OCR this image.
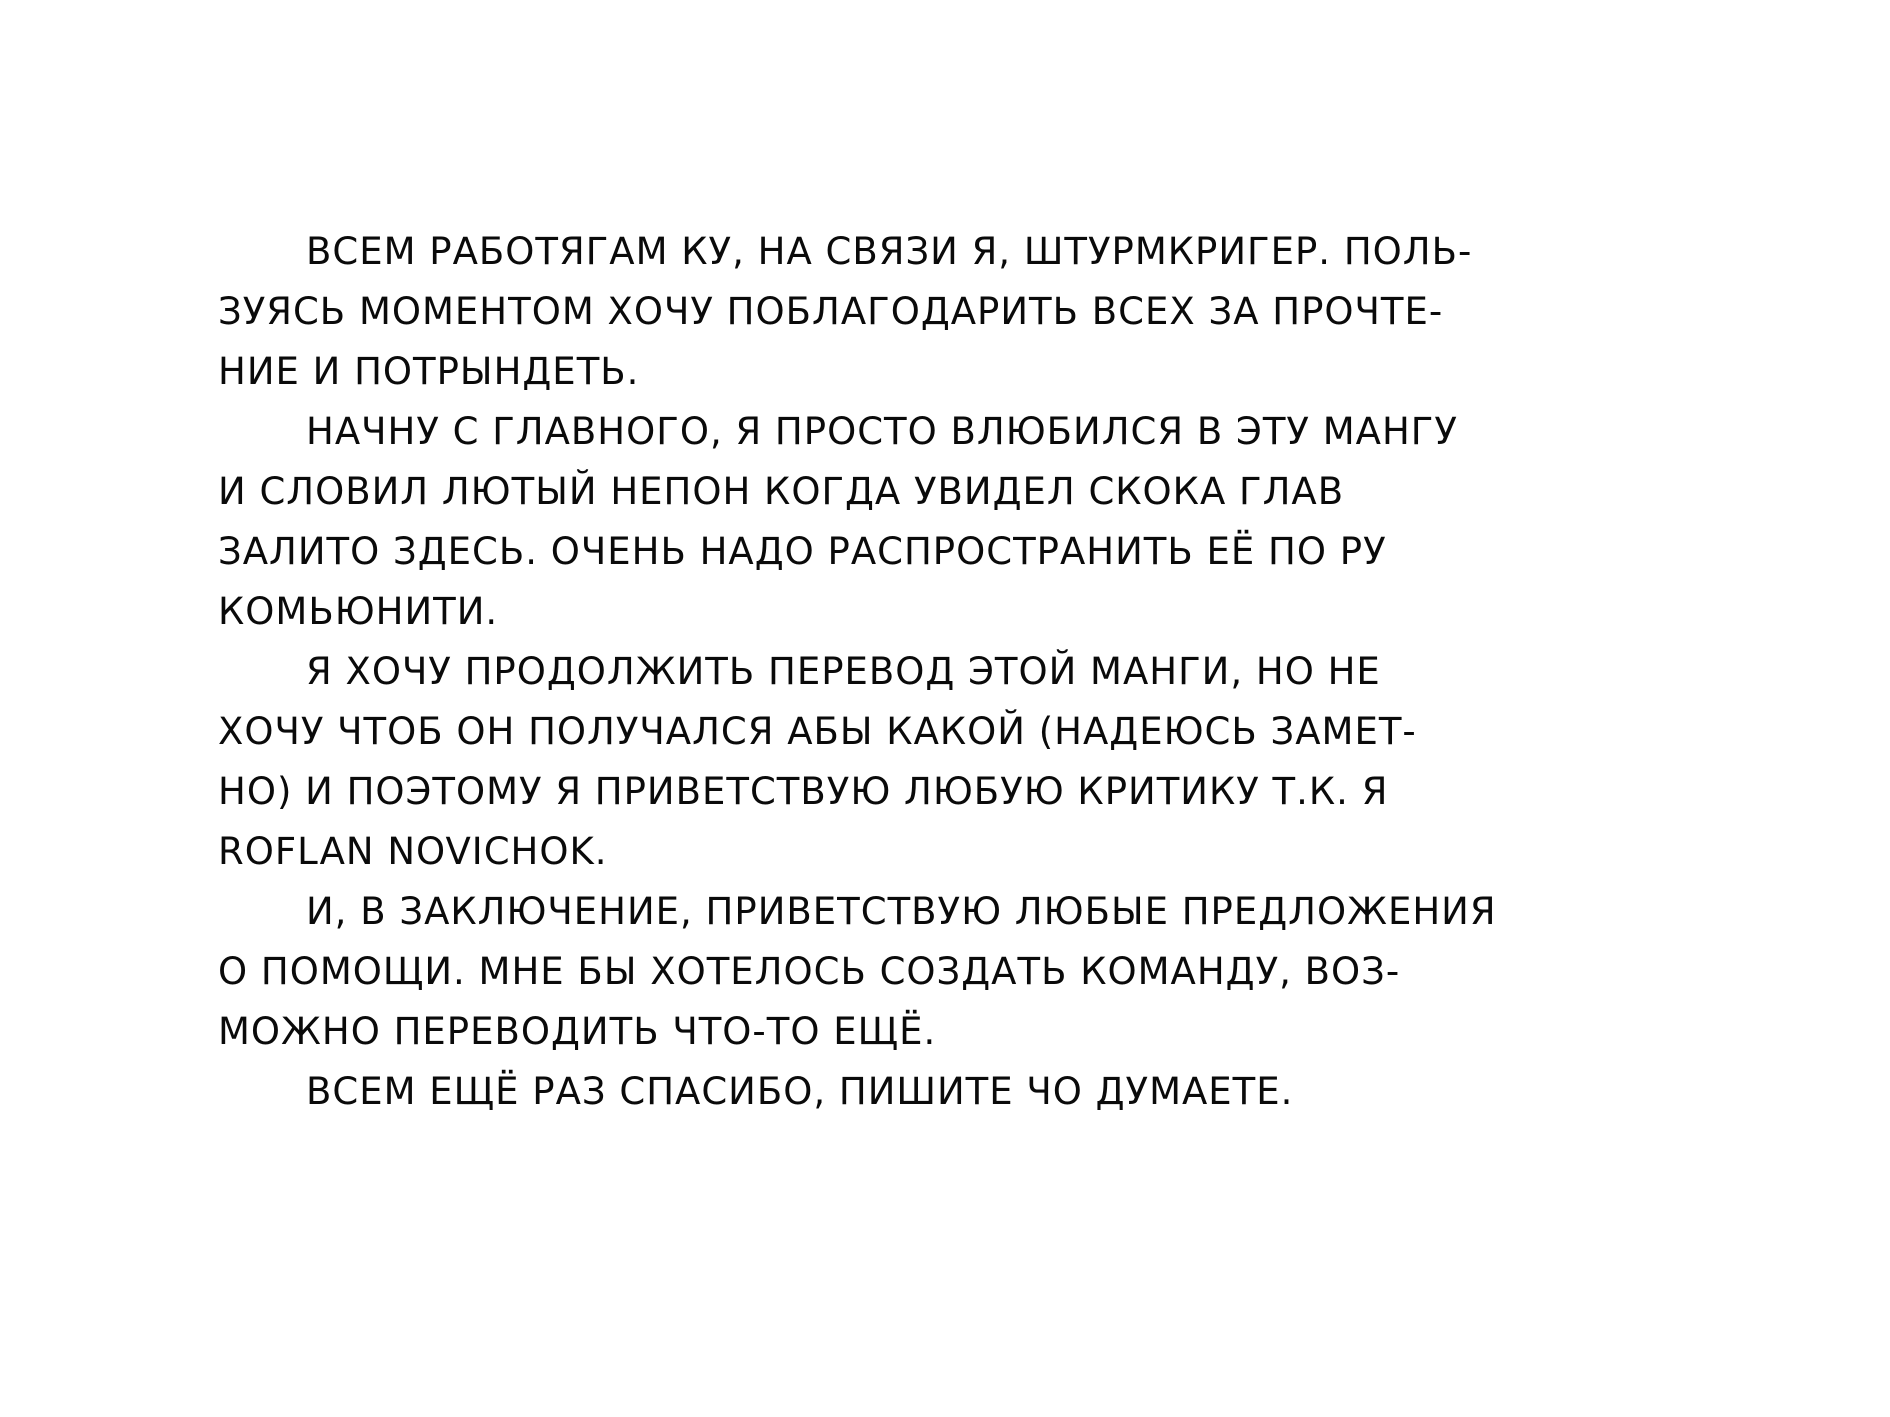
ВСЕМ РАБОТЯГАМ КУ, НА СВЯЗИ Я, ШТУРМКРИГЕР. ПОЛЬ-
ЗУЯСЬ МОМЕНТОМ ХОЧУ ПОБЛАГОДАРИТЬ ВСЕХ ЗА ПРОЧТЕ-
НИЕ И ПОТРЫНДЕТЬ.
НАЧНУ С ГЛАВНОГО, Я ПРОСТО ВЛЮБИЛСЯ В ЭТУ МАНГУ
И СЛОВИЛ ЛЮТЫЙ НЕПОН КОГДА УВИДЕЛ СКОКА ГЛАВ
ЗАЛИТО ЗДЕСЬ. ОЧЕНЬ НАДО РАСПРОСТРАНИТЬ ЕЁ ПО РУ
КОМЬЮНИТИ.
Я ХОЧУ ПРОДОЛЖИТЬ ПЕРЕВОД ЭТОЙ МАНГИ, НО НЕ
ХОЧУ ЧТОБ ОН ПОЛУЧАЛСЯ АБЫ КАКОЙ (НАДЕЮСЬ ЗАМЕТ-
НО) И ПОЭТОМУ Я ПРИВЕТСТВУЮ ЛЮБУЮ КРИТИКУ Т.К. Я
ROFLAN NOVICHOK.
И, В ЗАКЛЮЧЕНИЕ, ПРИВЕТСТВУЮ ЛЮБЫЕ ПРЕДЛОЖЕНИЯ
О ПОМОЩИ. МНЕ БЫ ХОТЕЛОСЬ СОЗДАТЬ КОМАНДУ, ВОЗ-
МОЖНО ПЕРЕВОДИТЬ ЧТО-ТО ЕЩЁ.
ВСЕМ ЕЩЁ РАЗ СПАСИБО, ПИШИТЕ ЧО ДУМАЕТЕ.
